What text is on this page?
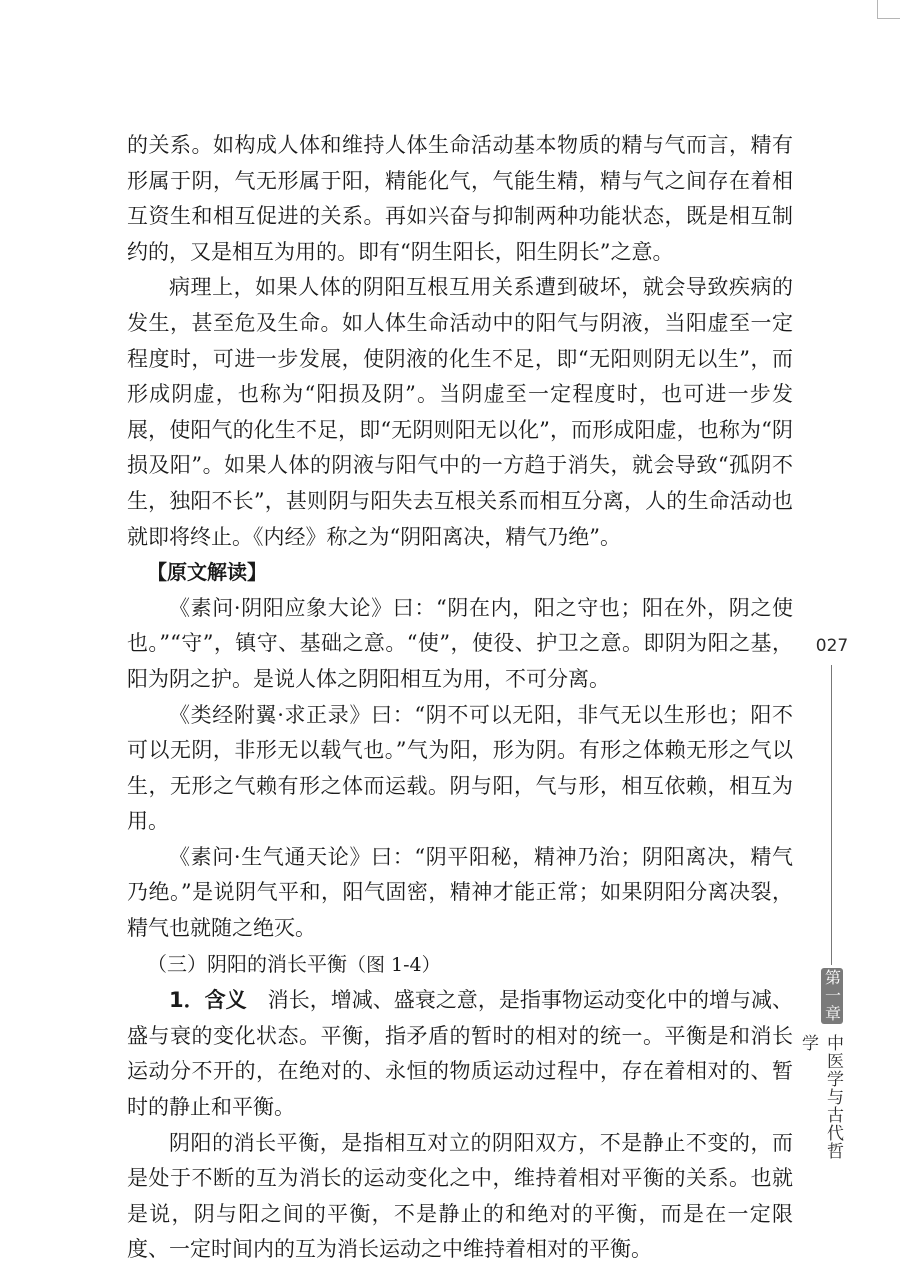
的关系。如构成人体和维持人体生命活动基本物质的精与气而言，精有形属于阴，气无形属于阳，精能化气，气能生精，精与气之间存在着相互资生和相互促进的关系。再如兴奋与抑制两种功能状态，既是相互制约的，又是相互为用的。即有“阴生阳长，阳生阴长”之意。

病理上，如果人体的阴阳互根互用关系遭到破坏，就会导致疾病的发生，甚至危及生命。如人体生命活动中的阳气与阴液，当阳虚至一定程度时，可进一步发展，使阴液的化生不足，即“无阳则阴无以生”，而形成阴虚，也称为“阳损及阴”。当阴虚至一定程度时，也可进一步发展，使阳气的化生不足，即“无阴则阳无以化”，而形成阳虚，也称为“阴损及阳”。如果人体的阴液与阳气中的一方趋于消失，就会导致“孤阴不生，独阳不长”，甚则阴与阳失去互根关系而相互分离，人的生命活动也就即将终止。《内经》称之为“阴阳离决，精气乃绝”。

【原文解读】

《素问·阴阳应象大论》曰：“阴在内，阳之守也；阳在外，阴之使也。”“守”，镇守、基础之意。“使”，使役、护卫之意。即阴为阳之基，阳为阴之护。是说人体之阴阳相互为用，不可分离。

《类经附翼·求正录》曰：“阴不可以无阳，非气无以生形也；阳不可以无阴，非形无以载气也。”气为阳，形为阴。有形之体赖无形之气以生，无形之气赖有形之体而运载。阴与阳，气与形，相互依赖，相互为用。

《素问·生气通天论》曰：“阴平阳秘，精神乃治；阴阳离决，精气乃绝。”是说阴气平和，阳气固密，精神才能正常；如果阴阳分离决裂，精气也就随之绝灭。

（三）阴阳的消长平衡（图 1-4）

1．含义　消长，增减、盛衰之意，是指事物运动变化中的增与减、盛与衰的变化状态。平衡，指矛盾的暂时的相对的统一。平衡是和消长运动分不开的，在绝对的、永恒的物质运动过程中，存在着相对的、暂时的静止和平衡。

阴阳的消长平衡，是指相互对立的阴阳双方，不是静止不变的，而是处于不断的互为消长的运动变化之中，维持着相对平衡的关系。也就是说，阴与阳之间的平衡，不是静止的和绝对的平衡，而是在一定限度、一定时间内的互为消长运动之中维持着相对的平衡。

027
第一章
中医学与古代哲学
